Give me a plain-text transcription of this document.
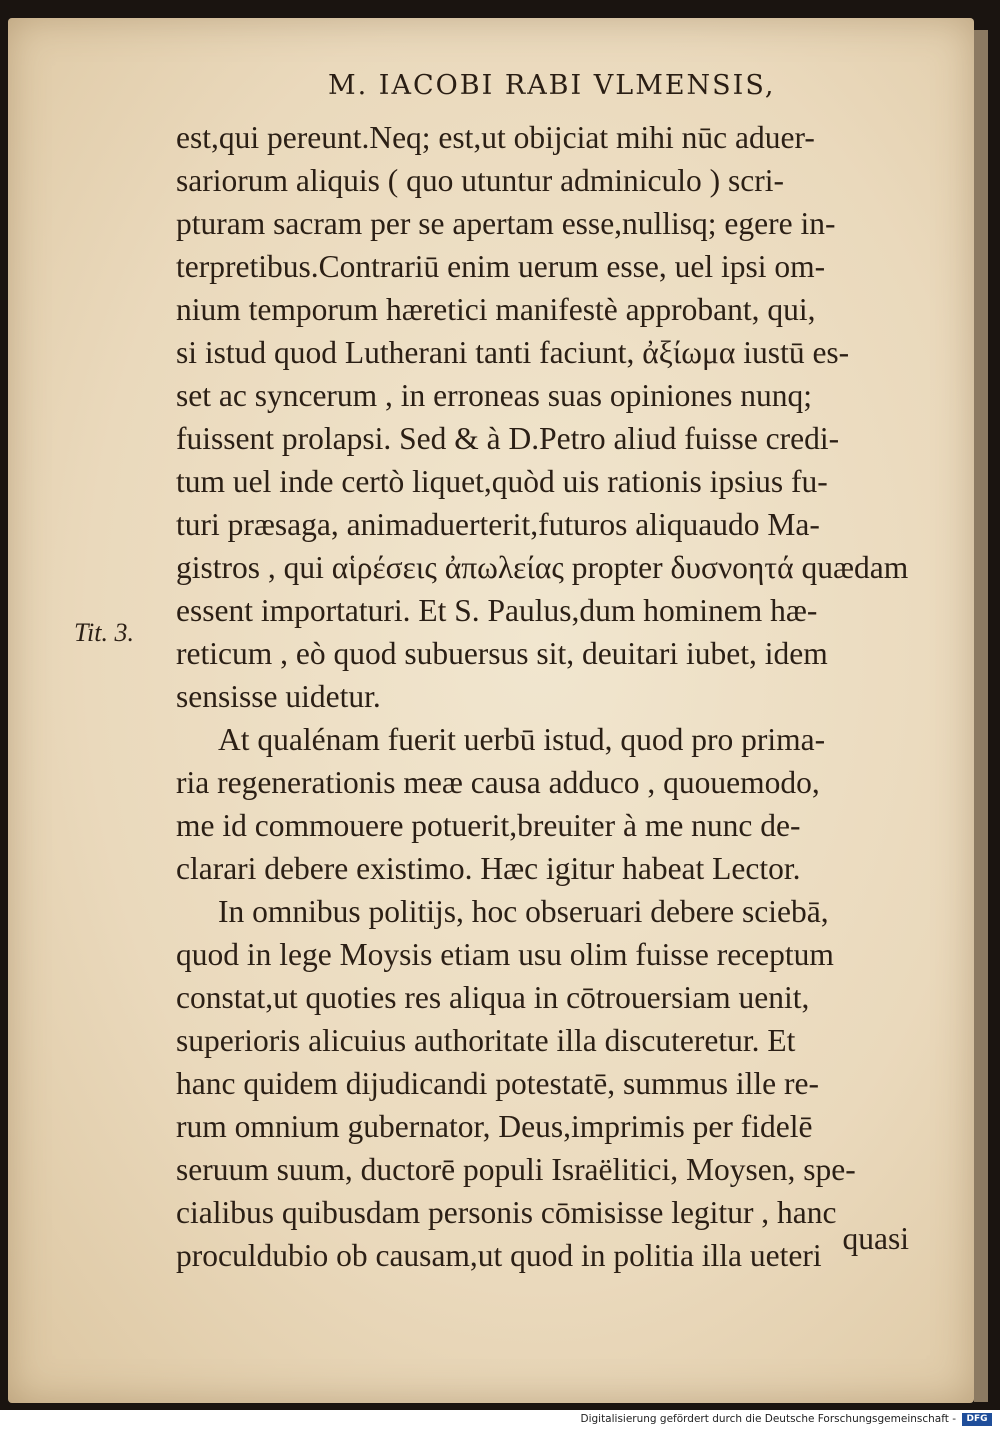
M. IACOBI RABI VLMENSIS,
Tit. 3.
est,qui pereunt.Neq; est,ut obijciat mihi nūc aduer-
sariorum aliquis ( quo utuntur adminiculo ) scri-
pturam sacram per se apertam esse,nullisq; egere in-
terpretibus.Contrariū enim uerum esse, uel ipsi om-
nium temporum hæretici manifestè approbant, qui,
si istud quod Lutherani tanti faciunt, ἀξίωμα iustū es-
set ac syncerum , in erroneas suas opiniones nunq;
fuissent prolapsi. Sed & à D.Petro aliud fuisse credi-
tum uel inde certò liquet,quòd uis rationis ipsius fu-
turi præsaga, animaduerterit,futuros aliquaudo Ma-
gistros , qui αἱρέσεις ἀπωλείας propter δυσνοητά quædam
essent importaturi. Et S. Paulus,dum hominem hæ-
reticum , eò quod subuersus sit, deuitari iubet, idem
sensisse uidetur.
At qualénam fuerit uerbū istud, quod pro prima-
ria regenerationis meæ causa adduco , quouemodo,
me id commouere potuerit,breuiter à me nunc de-
clarari debere existimo. Hæc igitur habeat Lector.
In omnibus politijs, hoc obseruari debere sciebā,
quod in lege Moysis etiam usu olim fuisse receptum
constat,ut quoties res aliqua in cōtrouersiam uenit,
superioris alicuius authoritate illa discuteretur. Et
hanc quidem dijudicandi potestatē, summus ille re-
rum omnium gubernator, Deus,imprimis per fidelē
seruum suum, ductorē populi Israëlitici, Moysen, spe-
cialibus quibusdam personis cōmisisse legitur , hanc
proculdubio ob causam,ut quod in politia illa ueteri quasi
Digitalisierung gefördert durch die Deutsche Forschungsgemeinschaft -	DFG
